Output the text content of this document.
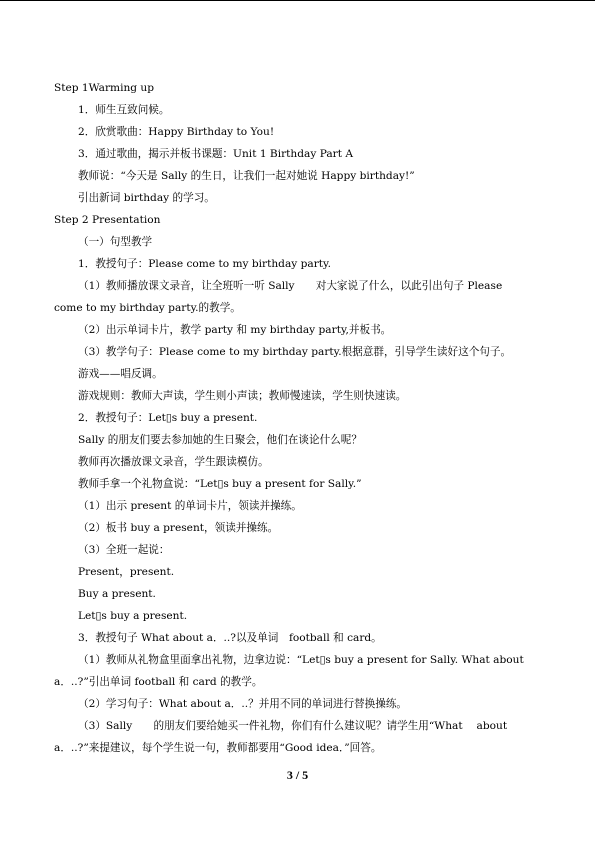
Step 1Warming up
1．师生互致问候。
2．欣赏歌曲：Happy Birthday to You!
3．通过歌曲，揭示并板书课题：Unit 1 Birthday Part A
教师说：“今天是 Sally 的生日，让我们一起对她说 Happy birthday!”
引出新词 birthday 的学习。
Step 2 Presentation
（一）句型教学
1．教授句子：Please come to my birthday party.
（1）教师播放课文录音，让全班听一听 Sally　　对大家说了什么，以此引出句子 Please
come to my birthday party.的教学。
（2）出示单词卡片，教学 party 和 my birthday party,并板书。
（3）教学句子：Please come to my birthday party.根据意群，引导学生读好这个句子。
游戏——唱反调。
游戏规则：教师大声读，学生则小声读；教师慢速读，学生则快速读。
2．教授句子：Let▯s buy a present.
Sally 的朋友们要去参加她的生日聚会，他们在谈论什么呢？
教师再次播放课文录音，学生跟读模仿。
教师手拿一个礼物盒说：“Let▯s buy a present for Sally.”
（1）出示 present 的单词卡片，领读并操练。
（2）板书 buy a present，领读并操练。
（3）全班一起说：
Present，present.
Buy a present.
Let▯s buy a present.
3．教授句子 What about a．..?以及单词　football 和 card。
（1）教师从礼物盒里面拿出礼物，边拿边说：“Let▯s buy a present for Sally. What about
a．..?”引出单词 football 和 card 的教学。
（2）学习句子：What about a．..？并用不同的单词进行替换操练。
（3）Sally　　的朋友们要给她买一件礼物，你们有什么建议呢？请学生用“What　 about
a．..?”来提建议，每个学生说一句，教师都要用“Good idea．”回答。
3 / 5
